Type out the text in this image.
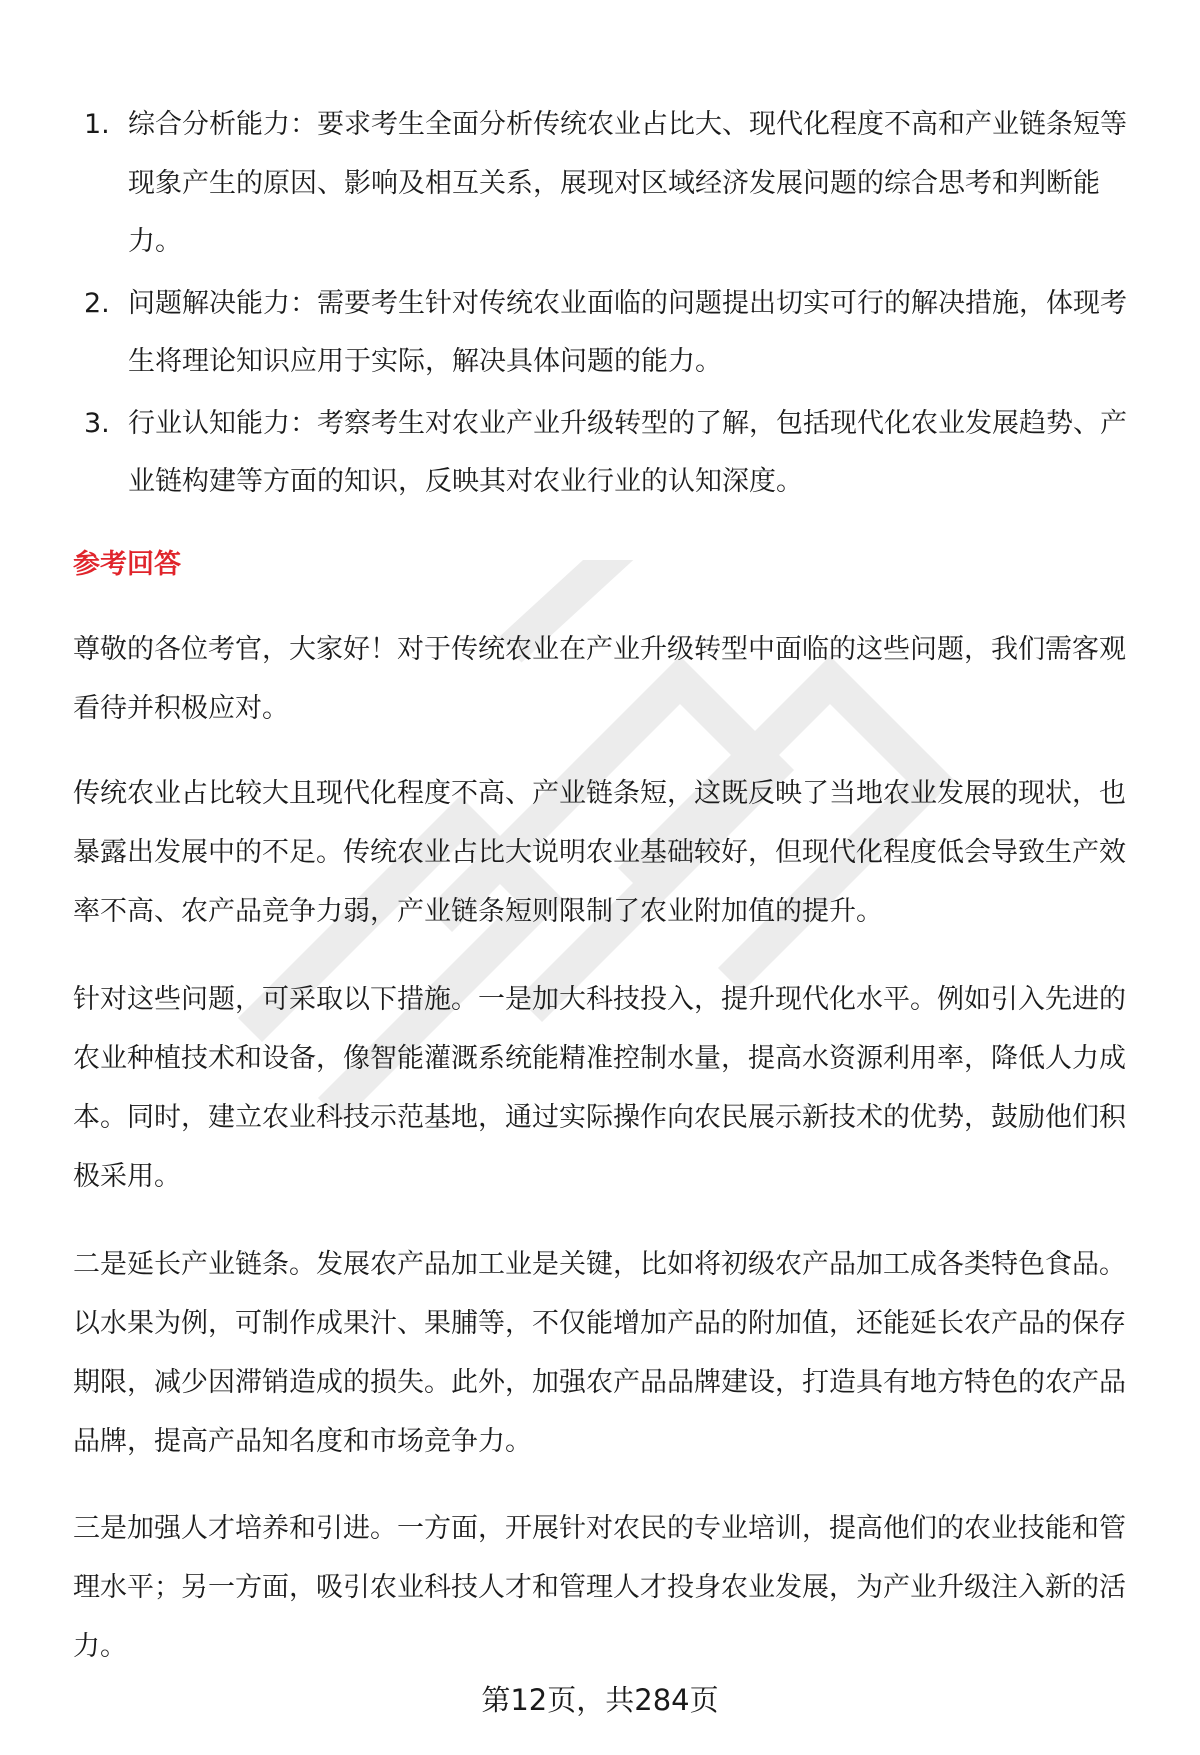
1. 综合分析能力：要求考生全面分析传统农业占比大、现代化程度不高和产业链条短等现象产生的原因、影响及相互关系，展现对区域经济发展问题的综合思考和判断能力。
2. 问题解决能力：需要考生针对传统农业面临的问题提出切实可行的解决措施，体现考生将理论知识应用于实际，解决具体问题的能力。
3. 行业认知能力：考察考生对农业产业升级转型的了解，包括现代化农业发展趋势、产业链构建等方面的知识，反映其对农业行业的认知深度。
参考回答

尊敬的各位考官，大家好！对于传统农业在产业升级转型中面临的这些问题，我们需客观看待并积极应对。

传统农业占比较大且现代化程度不高、产业链条短，这既反映了当地农业发展的现状，也暴露出发展中的不足。传统农业占比大说明农业基础较好，但现代化程度低会导致生产效率不高、农产品竞争力弱，产业链条短则限制了农业附加值的提升。

针对这些问题，可采取以下措施。一是加大科技投入，提升现代化水平。例如引入先进的农业种植技术和设备，像智能灌溉系统能精准控制水量，提高水资源利用率，降低人力成本。同时，建立农业科技示范基地，通过实际操作向农民展示新技术的优势，鼓励他们积极采用。

二是延长产业链条。发展农产品加工业是关键，比如将初级农产品加工成各类特色食品。以水果为例，可制作成果汁、果脯等，不仅能增加产品的附加值，还能延长农产品的保存期限，减少因滞销造成的损失。此外，加强农产品品牌建设，打造具有地方特色的农产品品牌，提高产品知名度和市场竞争力。

三是加强人才培养和引进。一方面，开展针对农民的专业培训，提高他们的农业技能和管理水平；另一方面，吸引农业科技人才和管理人才投身农业发展，为产业升级注入新的活力。

第12页，共284页
